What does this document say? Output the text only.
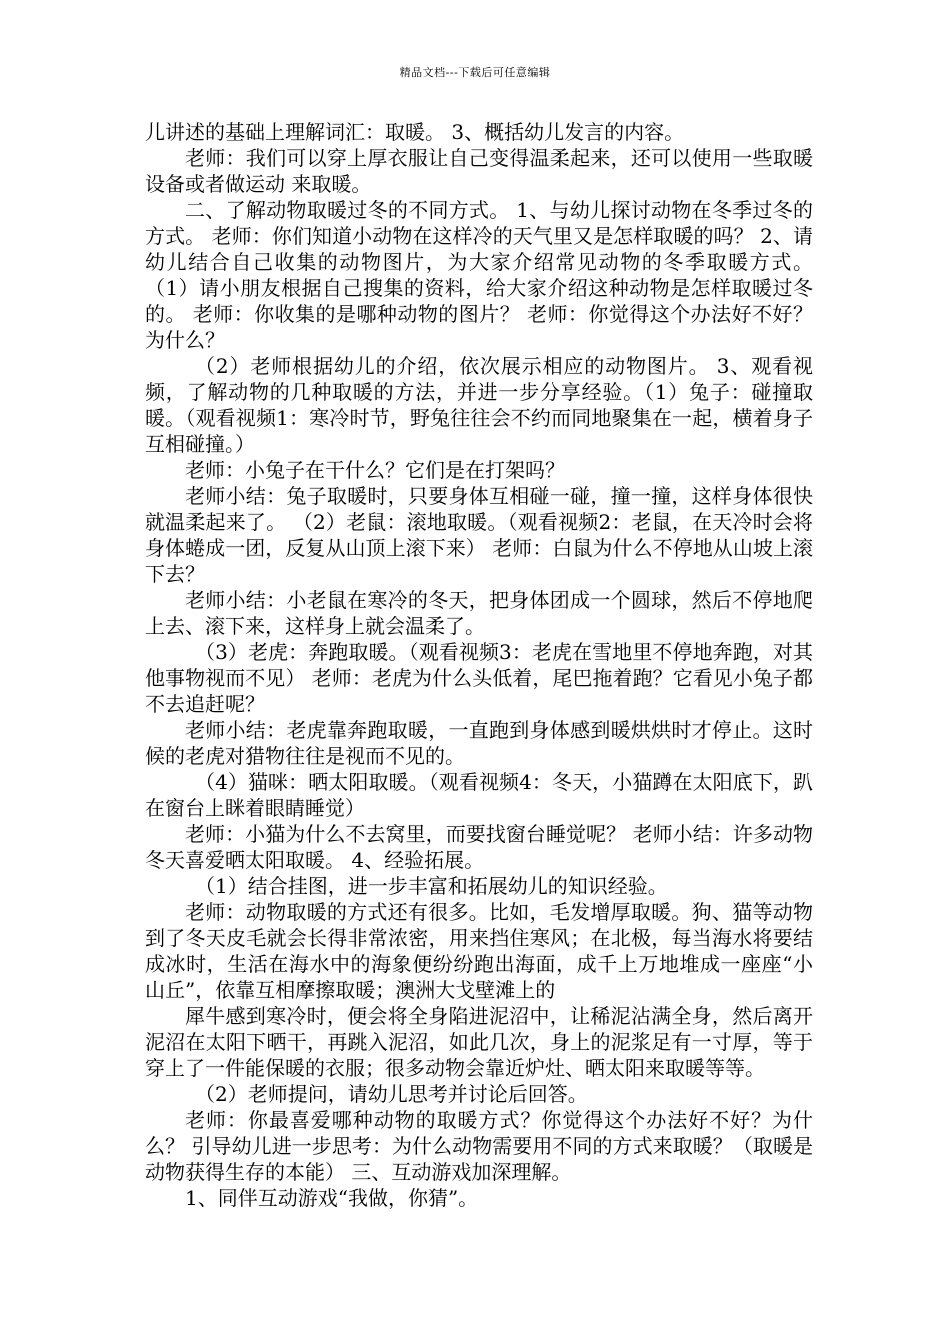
精品文档---下载后可任意编辑

儿讲述的基础上理解词汇：取暖。 3、概括幼儿发言的内容。

老师：我们可以穿上厚衣服让自己变得温柔起来，还可以使用一些取暖设备或者做运动 来取暖。

二、了解动物取暖过冬的不同方式。 1、与幼儿探讨动物在冬季过冬的方式。 老师：你们知道小动物在这样冷的天气里又是怎样取暖的吗？ 2、请幼儿结合自己收集的动物图片，为大家介绍常见动物的冬季取暖方式。 （1）请小朋友根据自己搜集的资料，给大家介绍这种动物是怎样取暖过冬的。 老师：你收集的是哪种动物的图片？ 老师：你觉得这个办法好不好？为什么？

（2）老师根据幼儿的介绍，依次展示相应的动物图片。 3、观看视频，了解动物的几种取暖的方法，并进一步分享经验。（1）兔子：碰撞取暖。（观看视频1：寒冷时节，野兔往往会不约而同地聚集在一起，横着身子互相碰撞。）

老师：小兔子在干什么？它们是在打架吗？

老师小结：兔子取暖时，只要身体互相碰一碰，撞一撞，这样身体很快就温柔起来了。 （2）老鼠：滚地取暖。（观看视频2：老鼠，在天冷时会将身体蜷成一团，反复从山顶上滚下来） 老师：白鼠为什么不停地从山坡上滚下去？

老师小结：小老鼠在寒冷的冬天，把身体团成一个圆球，然后不停地爬上去、滚下来，这样身上就会温柔了。

（3）老虎：奔跑取暖。（观看视频3：老虎在雪地里不停地奔跑，对其他事物视而不见） 老师：老虎为什么头低着，尾巴拖着跑？它看见小兔子都不去追赶呢？

老师小结：老虎靠奔跑取暖，一直跑到身体感到暖烘烘时才停止。这时候的老虎对猎物往往是视而不见的。

（4）猫咪：晒太阳取暖。（观看视频4：冬天，小猫蹲在太阳底下，趴在窗台上眯着眼睛睡觉）

老师：小猫为什么不去窝里，而要找窗台睡觉呢？ 老师小结：许多动物冬天喜爱晒太阳取暖。 4、经验拓展。

（1）结合挂图，进一步丰富和拓展幼儿的知识经验。

老师：动物取暖的方式还有很多。比如，毛发增厚取暖。狗、猫等动物到了冬天皮毛就会长得非常浓密，用来挡住寒风；在北极，每当海水将要结成冰时，生活在海水中的海象便纷纷跑出海面，成千上万地堆成一座座“小山丘”，依靠互相摩擦取暖；澳洲大戈壁滩上的

犀牛感到寒冷时，便会将全身陷进泥沼中，让稀泥沾满全身，然后离开泥沼在太阳下晒干，再跳入泥沼，如此几次，身上的泥浆足有一寸厚，等于穿上了一件能保暖的衣服；很多动物会靠近炉灶、晒太阳来取暖等等。

（2）老师提问，请幼儿思考并讨论后回答。

老师：你最喜爱哪种动物的取暖方式？你觉得这个办法好不好？为什么？ 引导幼儿进一步思考：为什么动物需要用不同的方式来取暖？（取暖是动物获得生存的本能） 三、互动游戏加深理解。

1、同伴互动游戏“我做，你猜”。
